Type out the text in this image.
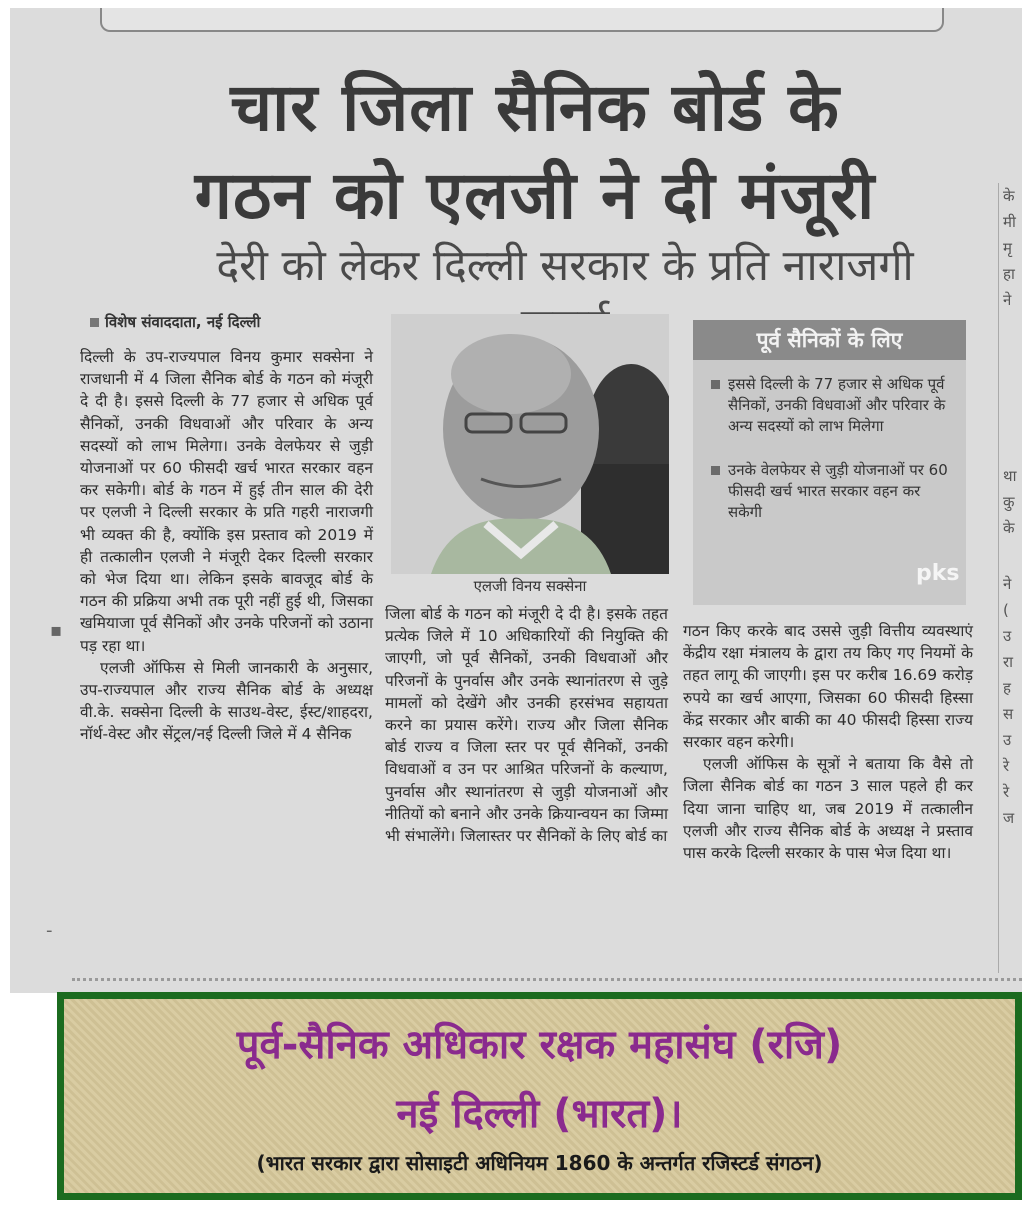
चार जिला सैनिक बोर्ड के
गठन को एलजी ने दी मंजूरी
देरी को लेकर दिल्ली सरकार के प्रति नाराजगी
विशेष संवाददाता, नई दिल्ली

दिल्ली के उप-राज्यपाल विनय कुमार सक्सेना ने राजधानी में 4 जिला सैनिक बोर्ड के गठन को मंजूरी दे दी है। इससे दिल्ली के 77 हजार से अधिक पूर्व सैनिकों, उनकी विधवाओं और परिवार के अन्य सदस्यों को लाभ मिलेगा। उनके वेलफेयर से जुड़ी योजनाओं पर 60 फीसदी खर्च भारत सरकार वहन कर सकेगी। बोर्ड के गठन में हुई तीन साल की देरी पर एलजी ने दिल्ली सरकार के प्रति गहरी नाराजगी भी व्यक्त की है, क्योंकि इस प्रस्ताव को 2019 में ही तत्कालीन एलजी ने मंजूरी देकर दिल्ली सरकार को भेज दिया था। लेकिन इसके बावजूद बोर्ड के गठन की प्रक्रिया अभी तक पूरी नहीं हुई थी, जिसका खमियाजा पूर्व सैनिकों और उनके परिजनों को उठाना पड़ रहा था।

एलजी ऑफिस से मिली जानकारी के अनुसार, उप-राज्यपाल और राज्य सैनिक बोर्ड के अध्यक्ष वी.के. सक्सेना दिल्ली के साउथ-वेस्ट, ईस्ट/शाहदरा, नॉर्थ-वेस्ट और सेंट्रल/नई दिल्ली जिले में 4 सैनिक

एलजी विनय सक्सेना
पूर्व सैनिकों के लिए
इससे दिल्ली के 77 हजार से अधिक पूर्व सैनिकों, उनकी विधवाओं और परिवार के अन्य सदस्यों को लाभ मिलेगा
उनके वेलफेयर से जुड़ी योजनाओं पर 60 फीसदी खर्च भारत सरकार वहन कर सकेगी
pks

जिला बोर्ड के गठन को मंजूरी दे दी है। इसके तहत प्रत्येक जिले में 10 अधिकारियों की नियुक्ति की जाएगी, जो पूर्व सैनिकों, उनकी विधवाओं और परिजनों के पुनर्वास और उनके स्थानांतरण से जुड़े मामलों को देखेंगे और उनकी हरसंभव सहायता करने का प्रयास करेंगे। राज्य और जिला सैनिक बोर्ड राज्य व जिला स्तर पर पूर्व सैनिकों, उनकी विधवाओं व उन पर आश्रित परिजनों के कल्याण, पुनर्वास और स्थानांतरण से जुड़ी योजनाओं और नीतियों को बनाने और उनके क्रियान्वयन का जिम्मा भी संभालेंगे। जिलास्तर पर सैनिकों के लिए बोर्ड का

गठन किए करके बाद उससे जुड़ी वित्तीय व्यवस्थाएं केंद्रीय रक्षा मंत्रालय के द्वारा तय किए गए नियमों के तहत लागू की जाएगी। इस पर करीब 16.69 करोड़ रुपये का खर्च आएगा, जिसका 60 फीसदी हिस्सा केंद्र सरकार और बाकी का 40 फीसदी हिस्सा राज्य सरकार वहन करेगी।

एलजी ऑफिस के सूत्रों ने बताया कि वैसे तो जिला सैनिक बोर्ड का गठन 3 साल पहले ही कर दिया जाना चाहिए था, जब 2019 में तत्कालीन एलजी और राज्य सैनिक बोर्ड के अध्यक्ष ने प्रस्ताव पास करके दिल्ली सरकार के पास भेज दिया था।

के
मी
मृ
हा
ने
था
कु
के
ने
(
उ
रा
ह
स
उ
रे
रे
ज
▪
-

पूर्व-सैनिक अधिकार रक्षक महासंघ (रजि)

नई दिल्ली (भारत)।

(भारत सरकार द्वारा सोसाइटी अधिनियम 1860 के अन्तर्गत रजिस्टर्ड संगठन)
